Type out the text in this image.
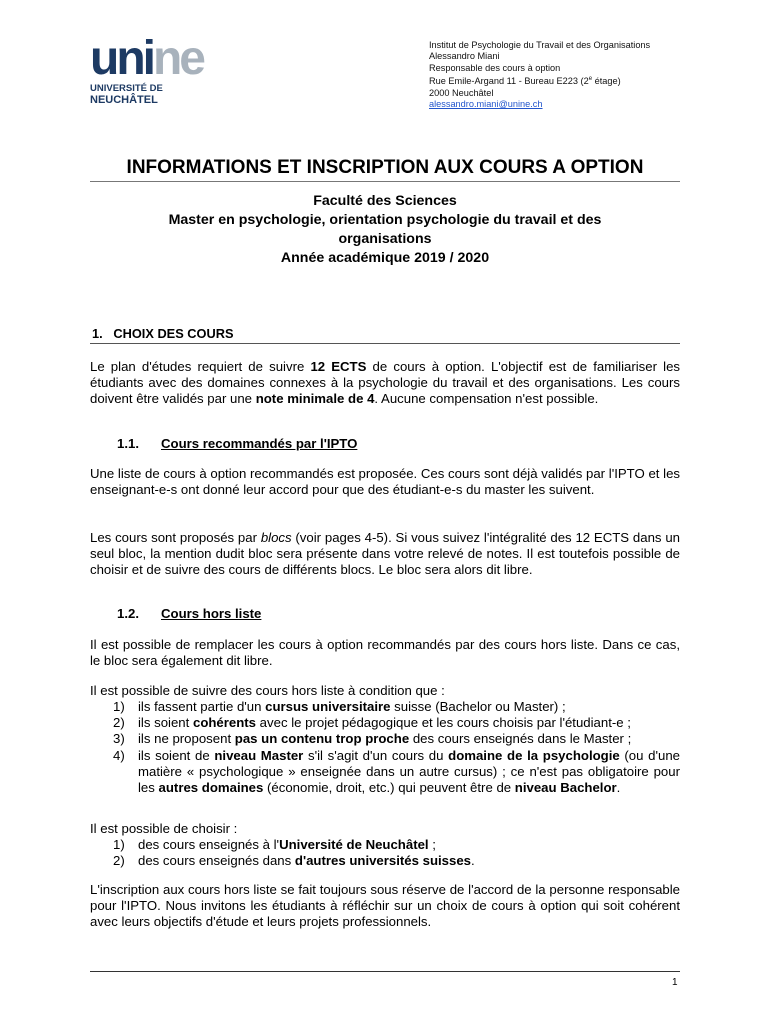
uni ne
UNIVERSITÉ DE
NEUCHÂTEL
Institut de Psychologie du Travail et des Organisations
Alessandro Miani
Responsable des cours à option
Rue Emile-Argand 11 - Bureau E223 (2e étage)
2000 Neuchâtel
alessandro.miani@unine.ch
INFORMATIONS ET INSCRIPTION AUX COURS A OPTION
Faculté des Sciences
Master en psychologie, orientation psychologie du travail et des
organisations
Année académique 2019 / 2020
1. CHOIX DES COURS
Le plan d'études requiert de suivre 12 ECTS de cours à option. L'objectif est de familiariser les étudiants avec des domaines connexes à la psychologie du travail et des organisations. Les cours doivent être validés par une note minimale de 4. Aucune compensation n'est possible.
1.1. Cours recommandés par l'IPTO
Une liste de cours à option recommandés est proposée. Ces cours sont déjà validés par l'IPTO et les enseignant-e-s ont donné leur accord pour que des étudiant-e-s du master les suivent.
Les cours sont proposés par blocs (voir pages 4-5). Si vous suivez l'intégralité des 12 ECTS dans un seul bloc, la mention dudit bloc sera présente dans votre relevé de notes. Il est toutefois possible de choisir et de suivre des cours de différents blocs. Le bloc sera alors dit libre.
1.2. Cours hors liste
Il est possible de remplacer les cours à option recommandés par des cours hors liste. Dans ce cas, le bloc sera également dit libre.
Il est possible de suivre des cours hors liste à condition que :
1) ils fassent partie d'un cursus universitaire suisse (Bachelor ou Master) ;
2) ils soient cohérents avec le projet pédagogique et les cours choisis par l'étudiant-e ;
3) ils ne proposent pas un contenu trop proche des cours enseignés dans le Master ;
4) ils soient de niveau Master s'il s'agit d'un cours du domaine de la psychologie (ou d'une matière « psychologique » enseignée dans un autre cursus) ; ce n'est pas obligatoire pour les autres domaines (économie, droit, etc.) qui peuvent être de niveau Bachelor.
Il est possible de choisir :
1) des cours enseignés à l'Université de Neuchâtel ;
2) des cours enseignés dans d'autres universités suisses.
L'inscription aux cours hors liste se fait toujours sous réserve de l'accord de la personne responsable pour l'IPTO. Nous invitons les étudiants à réfléchir sur un choix de cours à option qui soit cohérent avec leurs objectifs d'étude et leurs projets professionnels.
1
